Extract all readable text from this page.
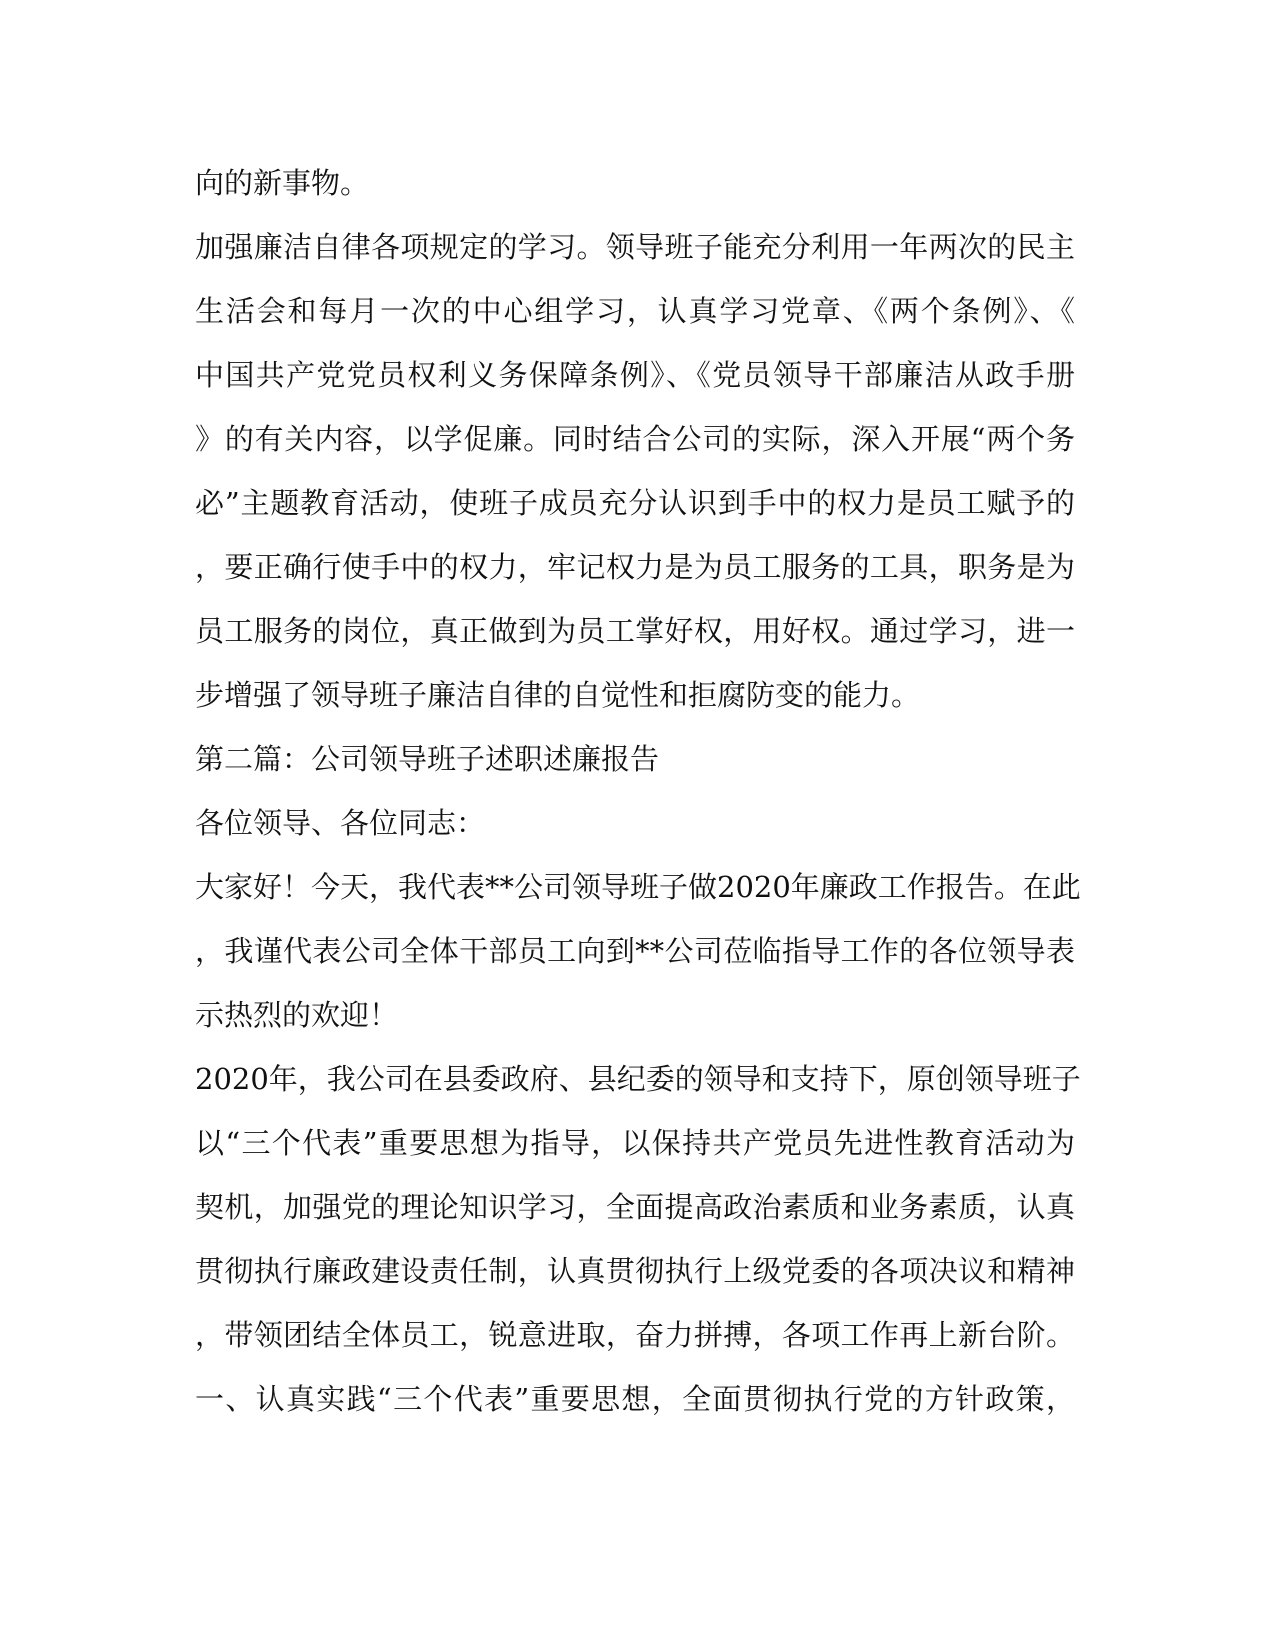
向的新事物。
加强廉洁自律各项规定的学习。领导班子能充分利用一年两次的民主
生活会和每月一次的中心组学习，认真学习党章、《两个条例》、《
中国共产党党员权利义务保障条例》、《党员领导干部廉洁从政手册
》的有关内容，以学促廉。同时结合公司的实际，深入开展“两个务
必”主题教育活动，使班子成员充分认识到手中的权力是员工赋予的
，要正确行使手中的权力，牢记权力是为员工服务的工具，职务是为
员工服务的岗位，真正做到为员工掌好权，用好权。通过学习，进一
步增强了领导班子廉洁自律的自觉性和拒腐防变的能力。
第二篇：公司领导班子述职述廉报告
各位领导、各位同志：
大家好！今天，我代表**公司领导班子做2020年廉政工作报告。在此
，我谨代表公司全体干部员工向到**公司莅临指导工作的各位领导表
示热烈的欢迎！
2020年，我公司在县委政府、县纪委的领导和支持下，原创领导班子
以“三个代表”重要思想为指导，以保持共产党员先进性教育活动为
契机，加强党的理论知识学习，全面提高政治素质和业务素质，认真
贯彻执行廉政建设责任制，认真贯彻执行上级党委的各项决议和精神
，带领团结全体员工，锐意进取，奋力拼搏，各项工作再上新台阶。
一、认真实践“三个代表”重要思想，全面贯彻执行党的方针政策，
